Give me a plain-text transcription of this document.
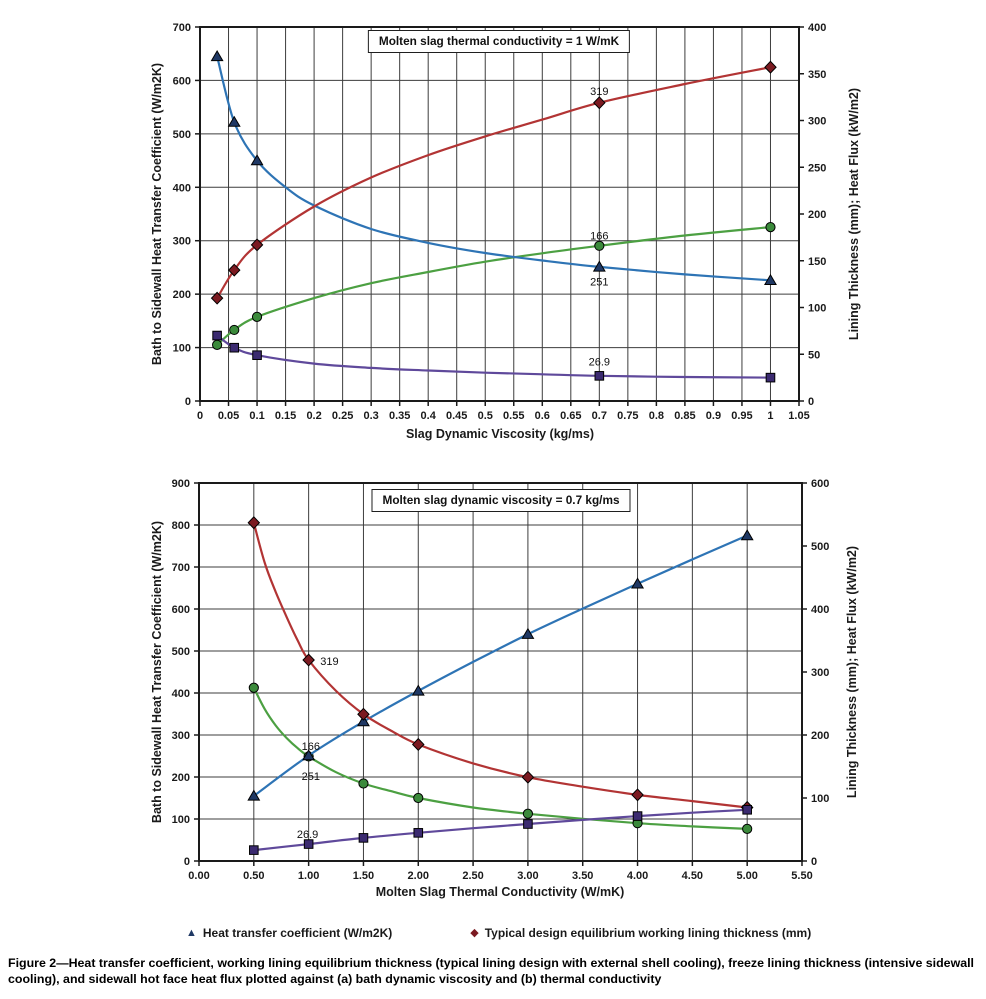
0 0.05 0.1 0.15 0.2 0.25 0.3 0.35 0.4 0.45 0.5 0.55 0.6 0.65 0.7 0.75 0.8 0.85 0.9 0.95 1 1.05
0
100
200
300
400
500
600
700
0
50
100
150
200
250
300
350
400
319
166
251
26.9
Slag Dynamic Viscosity (kg/ms)
Bath to Sidewall Heat Transfer Coefficient (W/m2K)	Lining Thickness (mm); Heat Flux (kW/m2)
0.00	0.50	1.00	1.50	2.00	2.50	3.00	3.50	4.00	4.50	5.00	5.50
0
100
200
300
400
500
600
700
800
900
0
100
200
300
400
500
600
319
166
251
26.9
Molten Slag Thermal Conductivity (W/mK)
Bath to Sidewall Heat Transfer Coefficient (W/m2K)	Lining Thickness (mm); Heat Flux (kW/m2)
Molten slag thermal conductivity = 1 W/mK
Molten slag dynamic viscosity = 0.7 kg/ms
▲ Heat transfer coefficient (W/m2K)	◆ Typical design equilibrium working lining thickness (mm)
Figure 2—Heat transfer coefficient, working lining equilibrium thickness (typical lining design with external shell cooling), freeze lining thickness (intensive sidewall cooling), and sidewall hot face heat flux plotted against (a) bath dynamic viscosity and (b) thermal conductivity
